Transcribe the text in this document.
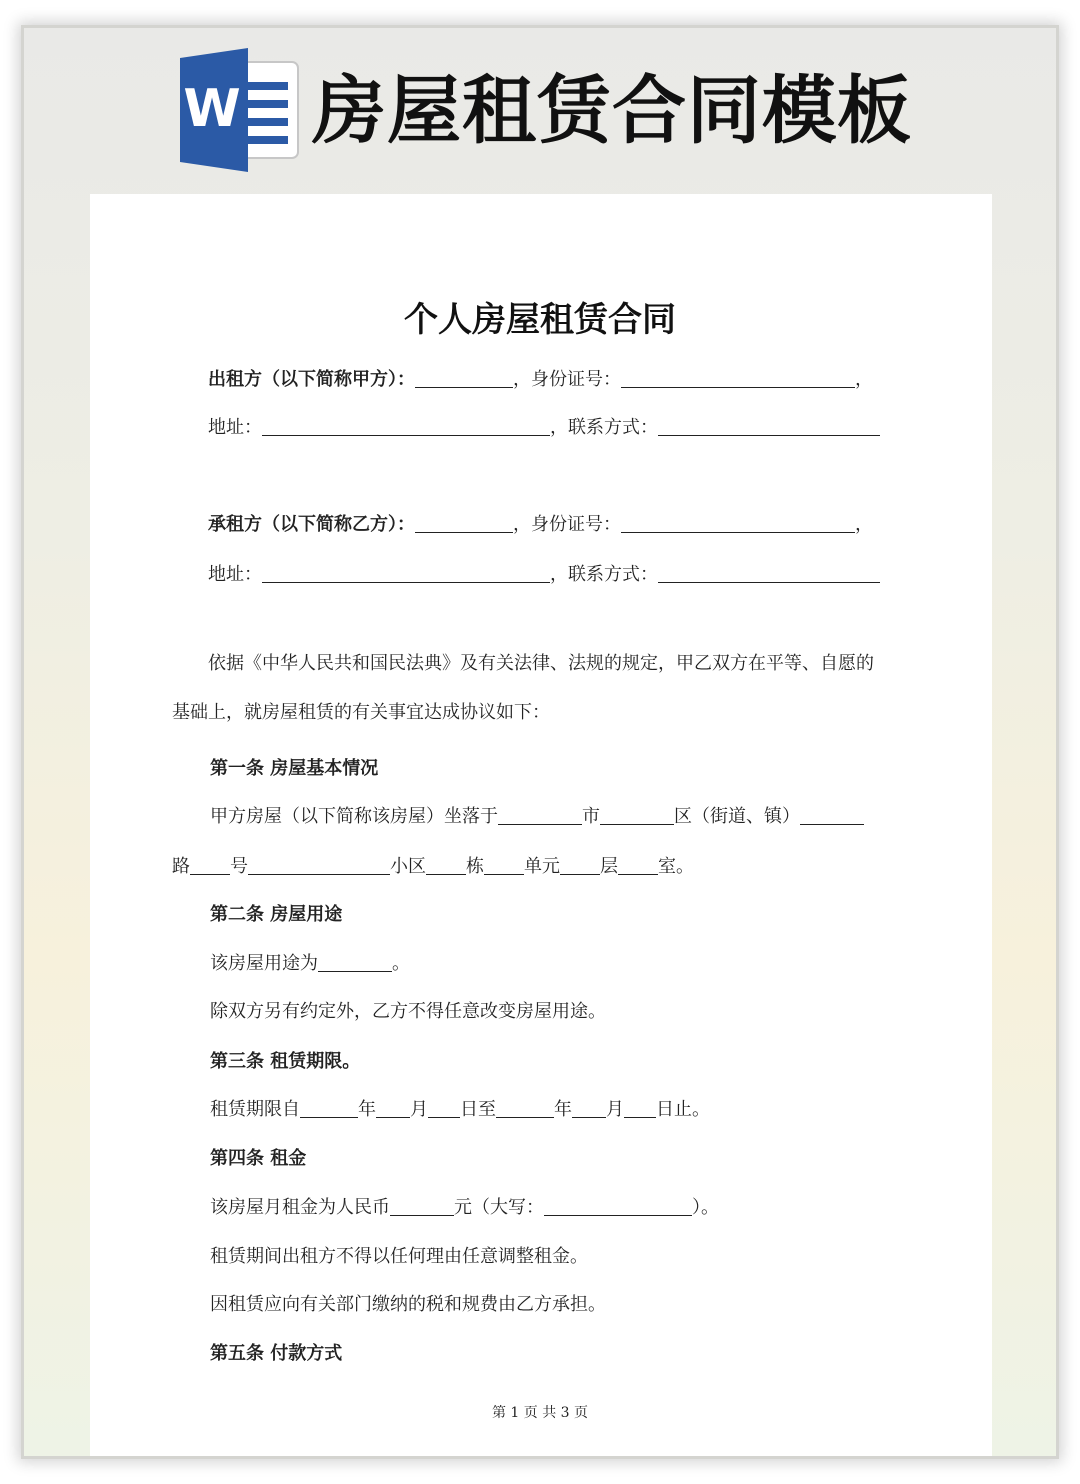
W 房屋租赁合同模板
个人房屋租赁合同
出租方（以下简称甲方）：	，身份证号：	，
地址：	，联系方式：
承租方（以下简称乙方）：	，身份证号：	，
地址：	，联系方式：
依据《中华人民共和国民法典》及有关法律、法规的规定，甲乙双方在平等、自愿的
基础上，就房屋租赁的有关事宜达成协议如下：
第一条 房屋基本情况
甲方房屋（以下简称该房屋）坐落于	市	区（街道、镇）
路 号	小区 栋 单元 层 室。
第二条 房屋用途
该房屋用途为	。
除双方另有约定外，乙方不得任意改变房屋用途。
第三条 租赁期限。
租赁期限自	年 月 日至	年 月 日止。
第四条 租金
该房屋月租金为人民币	元（大写：	）。
租赁期间出租方不得以任何理由任意调整租金。
因租赁应向有关部门缴纳的税和规费由乙方承担。
第五条 付款方式
第 1 页 共 3 页
